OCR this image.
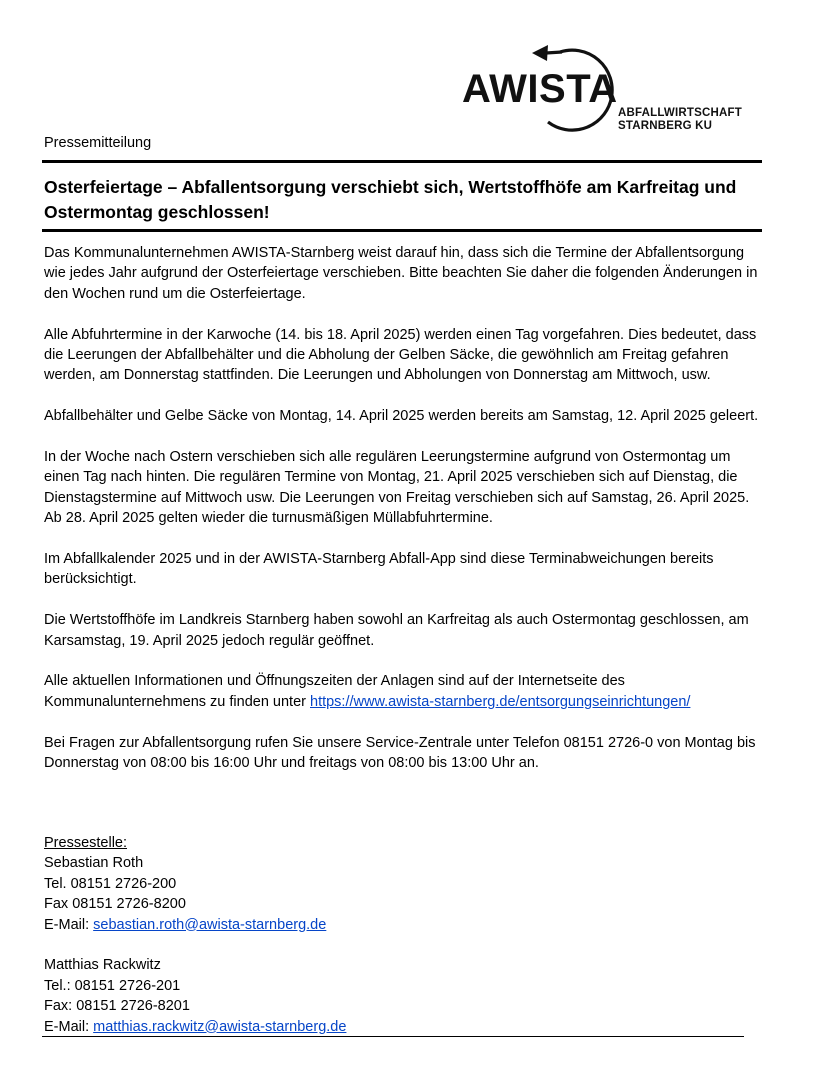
AWISTA
ABFALLWIRTSCHAFT
STARNBERG KU
Pressemitteilung
Osterfeiertage – Abfallentsorgung verschiebt sich, Wertstoffhöfe am Karfreitag und Ostermontag geschlossen!

Das Kommunalunternehmen AWISTA-Starnberg weist darauf hin, dass sich die Termine der Abfallentsorgung wie jedes Jahr aufgrund der Osterfeiertage verschieben. Bitte beachten Sie daher die folgenden Änderungen in den Wochen rund um die Osterfeiertage.

Alle Abfuhrtermine in der Karwoche (14. bis 18. April 2025) werden einen Tag vorgefahren. Dies bedeutet, dass die Leerungen der Abfallbehälter und die Abholung der Gelben Säcke, die gewöhnlich am Freitag gefahren werden, am Donnerstag stattfinden. Die Leerungen und Abholungen von Donnerstag am Mittwoch, usw.

Abfallbehälter und Gelbe Säcke von Montag, 14. April 2025 werden bereits am Samstag, 12. April 2025 geleert.

In der Woche nach Ostern verschieben sich alle regulären Leerungstermine aufgrund von Ostermontag um einen Tag nach hinten. Die regulären Termine von Montag, 21. April 2025 verschieben sich auf Dienstag, die Dienstagstermine auf Mittwoch usw. Die Leerungen von Freitag verschieben sich auf Samstag, 26. April 2025. Ab 28. April 2025 gelten wieder die turnusmäßigen Müllabfuhrtermine.

Im Abfallkalender 2025 und in der AWISTA-Starnberg Abfall-App sind diese Terminabweichungen bereits berücksichtigt.

Die Wertstoffhöfe im Landkreis Starnberg haben sowohl an Karfreitag als auch Ostermontag geschlossen, am Karsamstag, 19. April 2025 jedoch regulär geöffnet.

Alle aktuellen Informationen und Öffnungszeiten der Anlagen sind auf der Internetseite des Kommunalunternehmens zu finden unter https://www.awista-starnberg.de/entsorgungseinrichtungen/

Bei Fragen zur Abfallentsorgung rufen Sie unsere Service-Zentrale unter Telefon 08151 2726-0 von Montag bis Donnerstag von 08:00 bis 16:00 Uhr und freitags von 08:00 bis 13:00 Uhr an.

Pressestelle:
Sebastian Roth
Tel. 08151 2726-200
Fax 08151 2726-8200
E-Mail: sebastian.roth@awista-starnberg.de
Matthias Rackwitz
Tel.: 08151 2726-201
Fax: 08151 2726-8201
E-Mail: matthias.rackwitz@awista-starnberg.de
